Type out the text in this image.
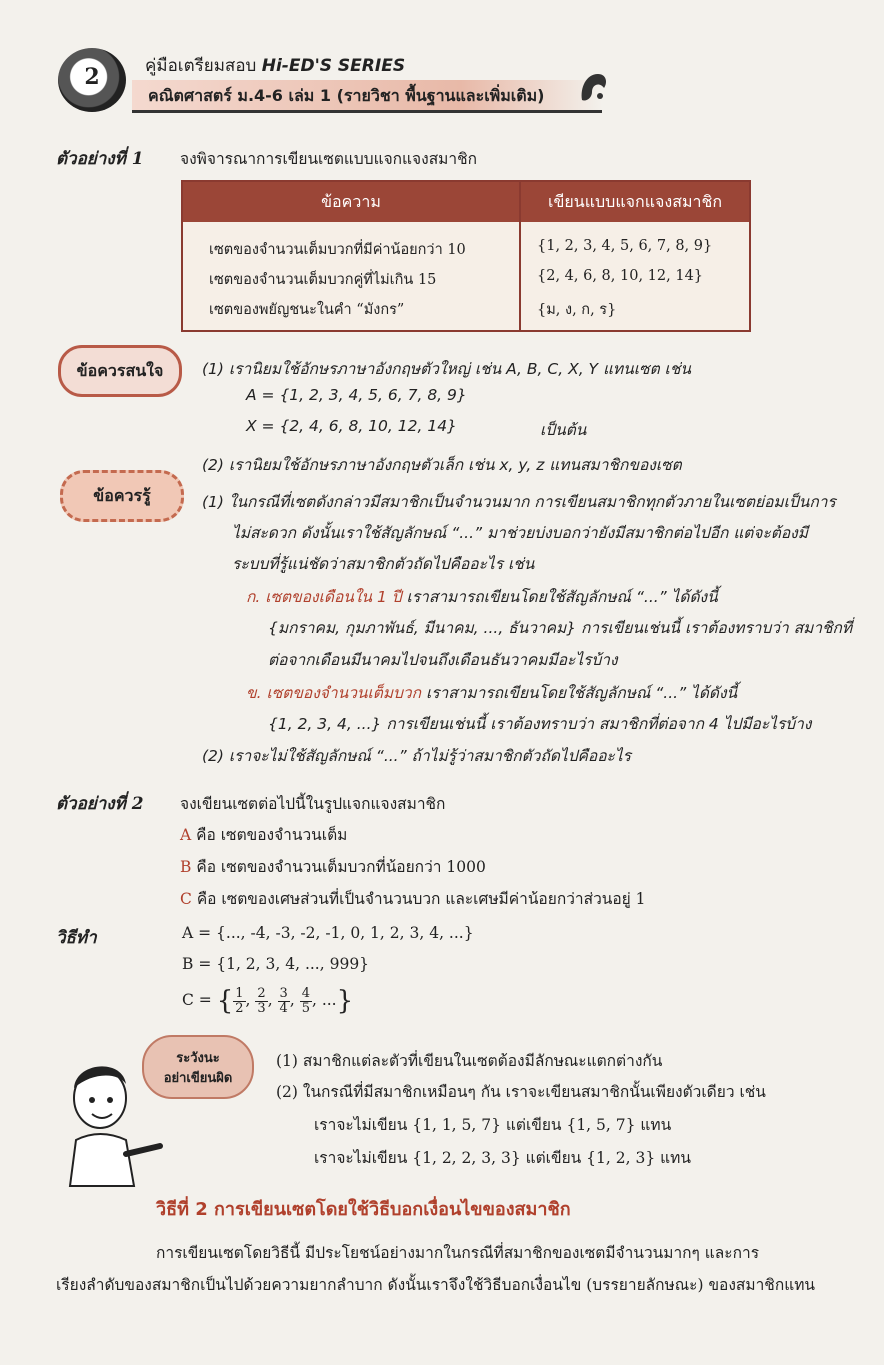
2	คู่มือเตรียมสอบ Hi-ED'S SERIES
คณิตศาสตร์ ม.4-6 เล่ม 1 (รายวิชา พื้นฐานและเพิ่มเติม)
ตัวอย่างที่ 1 จงพิจารณาการเขียนเซตแบบแจกแจงสมาชิก
ข้อความ	เขียนแบบแจกแจงสมาชิก
เซตของจำนวนเต็มบวกที่มีค่าน้อยกว่า 10	{1, 2, 3, 4, 5, 6, 7, 8, 9}
เซตของจำนวนเต็มบวกคู่ที่ไม่เกิน 15	{2, 4, 6, 8, 10, 12, 14}
เซตของพยัญชนะในคำ “มังกร”	{ม, ง, ก, ร}
ข้อควรสนใจ	(1) เรานิยมใช้อักษรภาษาอังกฤษตัวใหญ่ เช่น A, B, C, X, Y แทนเซต เช่น
A = {1, 2, 3, 4, 5, 6, 7, 8, 9}
X = {2, 4, 6, 8, 10, 12, 14}	เป็นต้น
(2) เรานิยมใช้อักษรภาษาอังกฤษตัวเล็ก เช่น x, y, z แทนสมาชิกของเซต
ข้อควรรู้	(1) ในกรณีที่เซตดังกล่าวมีสมาชิกเป็นจำนวนมาก การเขียนสมาชิกทุกตัวภายในเซตย่อมเป็นการ
ไม่สะดวก ดังนั้นเราใช้สัญลักษณ์ “...” มาช่วยบ่งบอกว่ายังมีสมาชิกต่อไปอีก แต่จะต้องมี
ระบบที่รู้แน่ชัดว่าสมาชิกตัวถัดไปคืออะไร เช่น
ก. เซตของเดือนใน 1 ปี เราสามารถเขียนโดยใช้สัญลักษณ์ “...” ได้ดังนี้
{มกราคม, กุมภาพันธ์, มีนาคม, ..., ธันวาคม} การเขียนเช่นนี้ เราต้องทราบว่า สมาชิกที่
ต่อจากเดือนมีนาคมไปจนถึงเดือนธันวาคมมีอะไรบ้าง
ข. เซตของจำนวนเต็มบวก เราสามารถเขียนโดยใช้สัญลักษณ์ “...” ได้ดังนี้
{1, 2, 3, 4, ...} การเขียนเช่นนี้ เราต้องทราบว่า สมาชิกที่ต่อจาก 4 ไปมีอะไรบ้าง
(2) เราจะไม่ใช้สัญลักษณ์ “...” ถ้าไม่รู้ว่าสมาชิกตัวถัดไปคืออะไร
ตัวอย่างที่ 2 จงเขียนเซตต่อไปนี้ในรูปแจกแจงสมาชิก
A คือ เซตของจำนวนเต็ม
B คือ เซตของจำนวนเต็มบวกที่น้อยกว่า 1000
C คือ เซตของเศษส่วนที่เป็นจำนวนบวก และเศษมีค่าน้อยกว่าส่วนอยู่ 1
วิธีทำ	A = {..., -4, -3, -2, -1, 0, 1, 2, 3, 4, ...}
B = {1, 2, 3, 4, ..., 999}
C = { $\frac{1}{2}$ , $\frac{2}{3}$ , $\frac{3}{4}$ , $\frac{4}{5}$ , ...}
ระวังนะ
อย่าเขียนผิด
(1) สมาชิกแต่ละตัวที่เขียนในเซตต้องมีลักษณะแตกต่างกัน
(2) ในกรณีที่มีสมาชิกเหมือนๆ กัน เราจะเขียนสมาชิกนั้นเพียงตัวเดียว เช่น
เราจะไม่เขียน {1, 1, 5, 7} แต่เขียน {1, 5, 7} แทน
เราจะไม่เขียน {1, 2, 2, 3, 3} แต่เขียน {1, 2, 3} แทน
วิธีที่ 2 การเขียนเซตโดยใช้วิธีบอกเงื่อนไขของสมาชิก
การเขียนเซตโดยวิธีนี้ มีประโยชน์อย่างมากในกรณีที่สมาชิกของเซตมีจำนวนมากๆ และการ
เรียงลำดับของสมาชิกเป็นไปด้วยความยากลำบาก ดังนั้นเราจึงใช้วิธีบอกเงื่อนไข (บรรยายลักษณะ) ของสมาชิกแทน
